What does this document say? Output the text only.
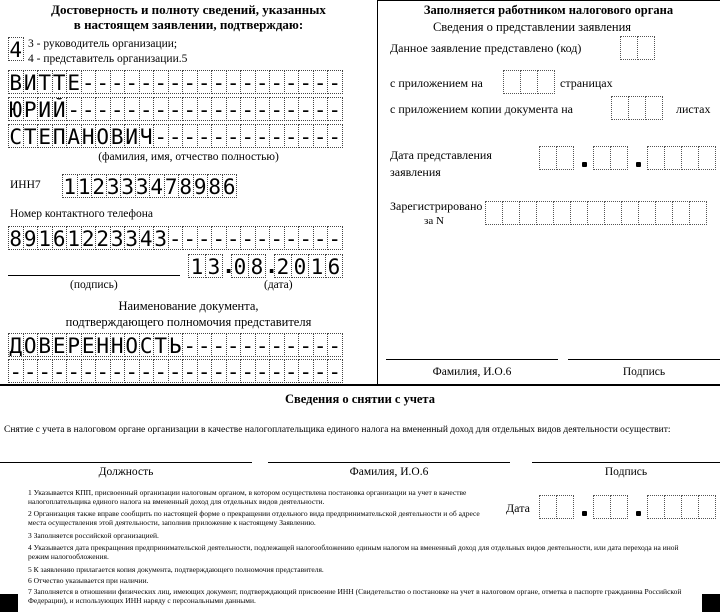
Достоверность и полноту сведений, указанных
в настоящем заявлении, подтверждаю:
4 3 - руководитель организации;
4 - представитель организации.5
В И Т Т Е - - - - - - - - - - - - - - - - - -
Ю Р И Й - - - - - - - - - - - - - - - - - - -
С Т Е П А Н О В И Ч - - - - - - - - - - - - -
(фамилия, имя, отчество полностью)
ИНН7 1 1 2 3 3 3 4 7 8 9 8 6
Номер контактного телефона
8 9 1 6 1 2 2 3 3 4 3 - - - - - - - - - - - -
1 3 .
0 8 .
2 0 1 6
(подпись)	(дата)
Наименование документа,
подтверждающего полномочия представителя
Д О В Е Р Е Н Н О С Т Ь - - - - - - - - - - -
- - - - - - - - - - - - - - - - - - - - - - -
Заполняется работником налогового органа
Сведения о представлении заявления
Данное заявление представлено (код)
с приложением на	страницах
с приложением копии документа на	листах
Дата представления
заявления
Зарегистрировано
за N
Фамилия, И.О.6	Подпись
Сведения о снятии с учета
Снятие с учета в налоговом органе организации в качестве налогоплательщика единого налога на вмененный доход для отдельных видов деятельности осуществит:
Должность	Фамилия, И.О.6	Подпись
Дата
1 Указывается КПП, присвоенный организации налоговым органом, в котором осуществлена постановка организации на учет в качестве налогоплательщика единого налога на вмененный доход для отдельных видов деятельности.
2 Организация также вправе сообщить по настоящей форме о прекращении отдельного вида предпринимательской деятельности и об адресе места осуществления этой деятельности, заполнив приложение к настоящему Заявлению.
3 Заполняется российской организацией.
4 Указывается дата прекращения предпринимательской деятельности, подлежащей налогообложению единым налогом на вмененный доход для отдельных видов деятельности, или дата перехода на иной режим налогообложения.
5 К заявлению прилагается копия документа, подтверждающего полномочия представителя.
6 Отчество указывается при наличии.
7 Заполняется в отношении физических лиц, имеющих документ, подтверждающий присвоение ИНН (Свидетельство о постановке на учет в налоговом органе, отметка в паспорте гражданина Российской Федерации), и использующих ИНН наряду с персональными данными.
